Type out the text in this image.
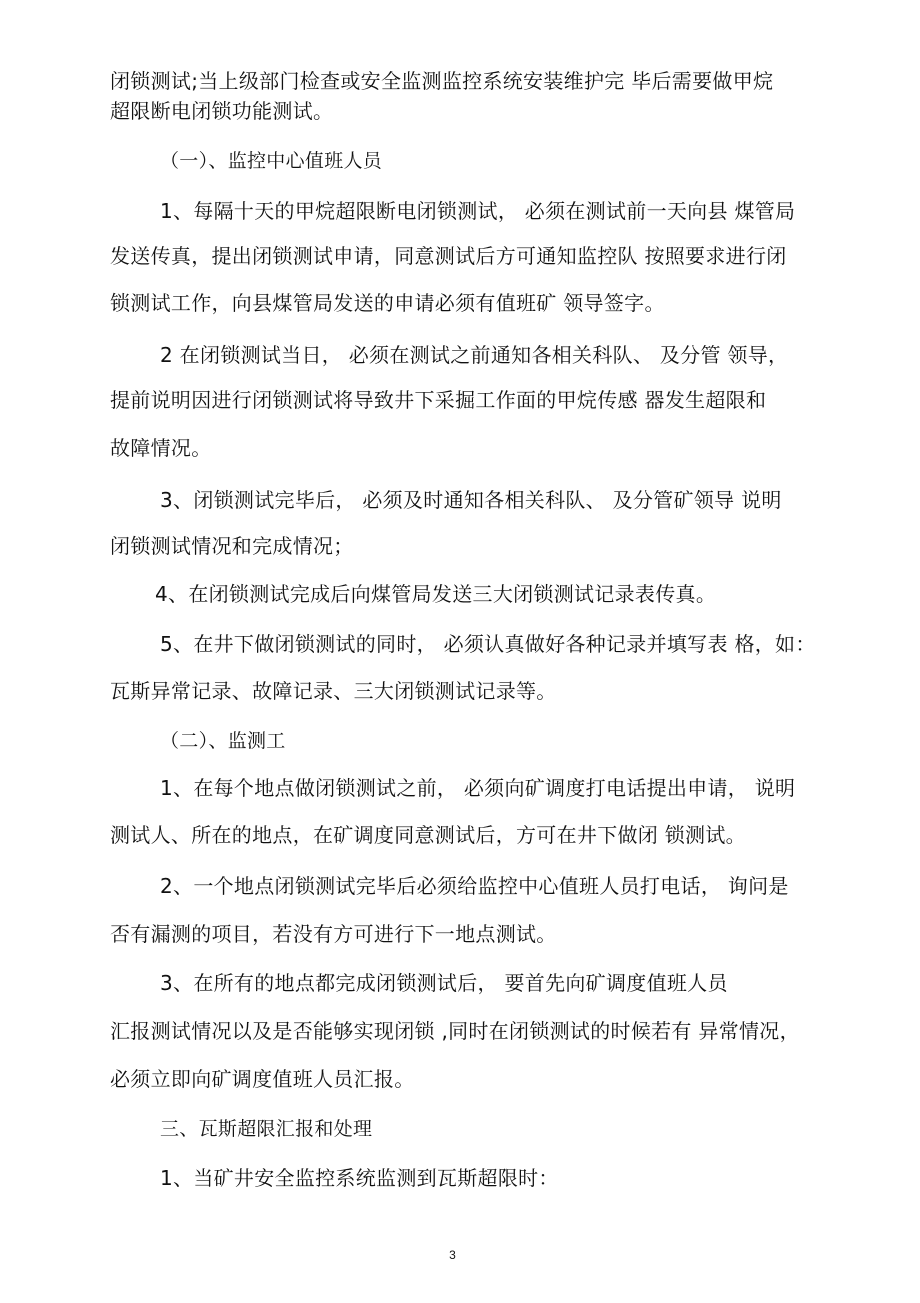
闭锁测试;当上级部门检查或安全监测监控系统安装维护完 毕后需要做甲烷
超限断电闭锁功能测试。
（一）、监控中心值班人员
1、每隔十天的甲烷超限断电闭锁测试， 必须在测试前一天向县 煤管局
发送传真，提出闭锁测试申请，同意测试后方可通知监控队 按照要求进行闭
锁测试工作，向县煤管局发送的申请必须有值班矿 领导签字。
2 在闭锁测试当日， 必须在测试之前通知各相关科队、 及分管 领导，
提前说明因进行闭锁测试将导致井下采掘工作面的甲烷传感 器发生超限和
故障情况。
3、闭锁测试完毕后， 必须及时通知各相关科队、 及分管矿领导 说明
闭锁测试情况和完成情况；
4、在闭锁测试完成后向煤管局发送三大闭锁测试记录表传真。
5、在井下做闭锁测试的同时， 必须认真做好各种记录并填写表 格，如：
瓦斯异常记录、故障记录、三大闭锁测试记录等。
（二）、监测工
1、在每个地点做闭锁测试之前， 必须向矿调度打电话提出申请， 说明
测试人、所在的地点，在矿调度同意测试后，方可在井下做闭 锁测试。
2、一个地点闭锁测试完毕后必须给监控中心值班人员打电话， 询问是
否有漏测的项目，若没有方可进行下一地点测试。
3、在所有的地点都完成闭锁测试后， 要首先向矿调度值班人员
汇报测试情况以及是否能够实现闭锁 ,同时在闭锁测试的时候若有 异常情况，
必须立即向矿调度值班人员汇报。
三、瓦斯超限汇报和处理
1、当矿井安全监控系统监测到瓦斯超限时：
3
